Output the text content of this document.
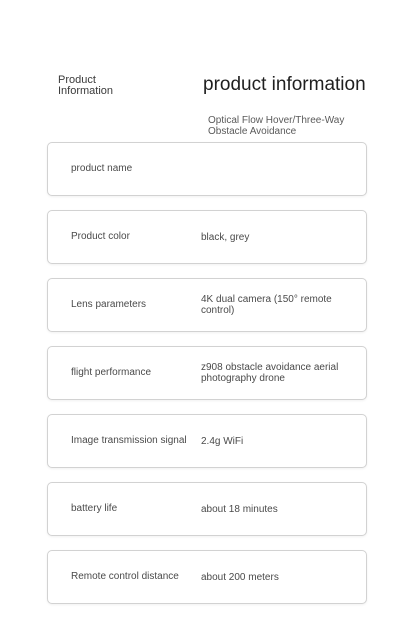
Product
Information	product information
Optical Flow Hover/Three-Way Obstacle Avoidance
product name
Product color	black, grey
Lens parameters	4K dual camera (150° remote control)
flight performance	z908 obstacle avoidance aerial photography drone
Image transmission signal	2.4g WiFi
battery life	about 18 minutes
Remote control distance	about 200 meters
